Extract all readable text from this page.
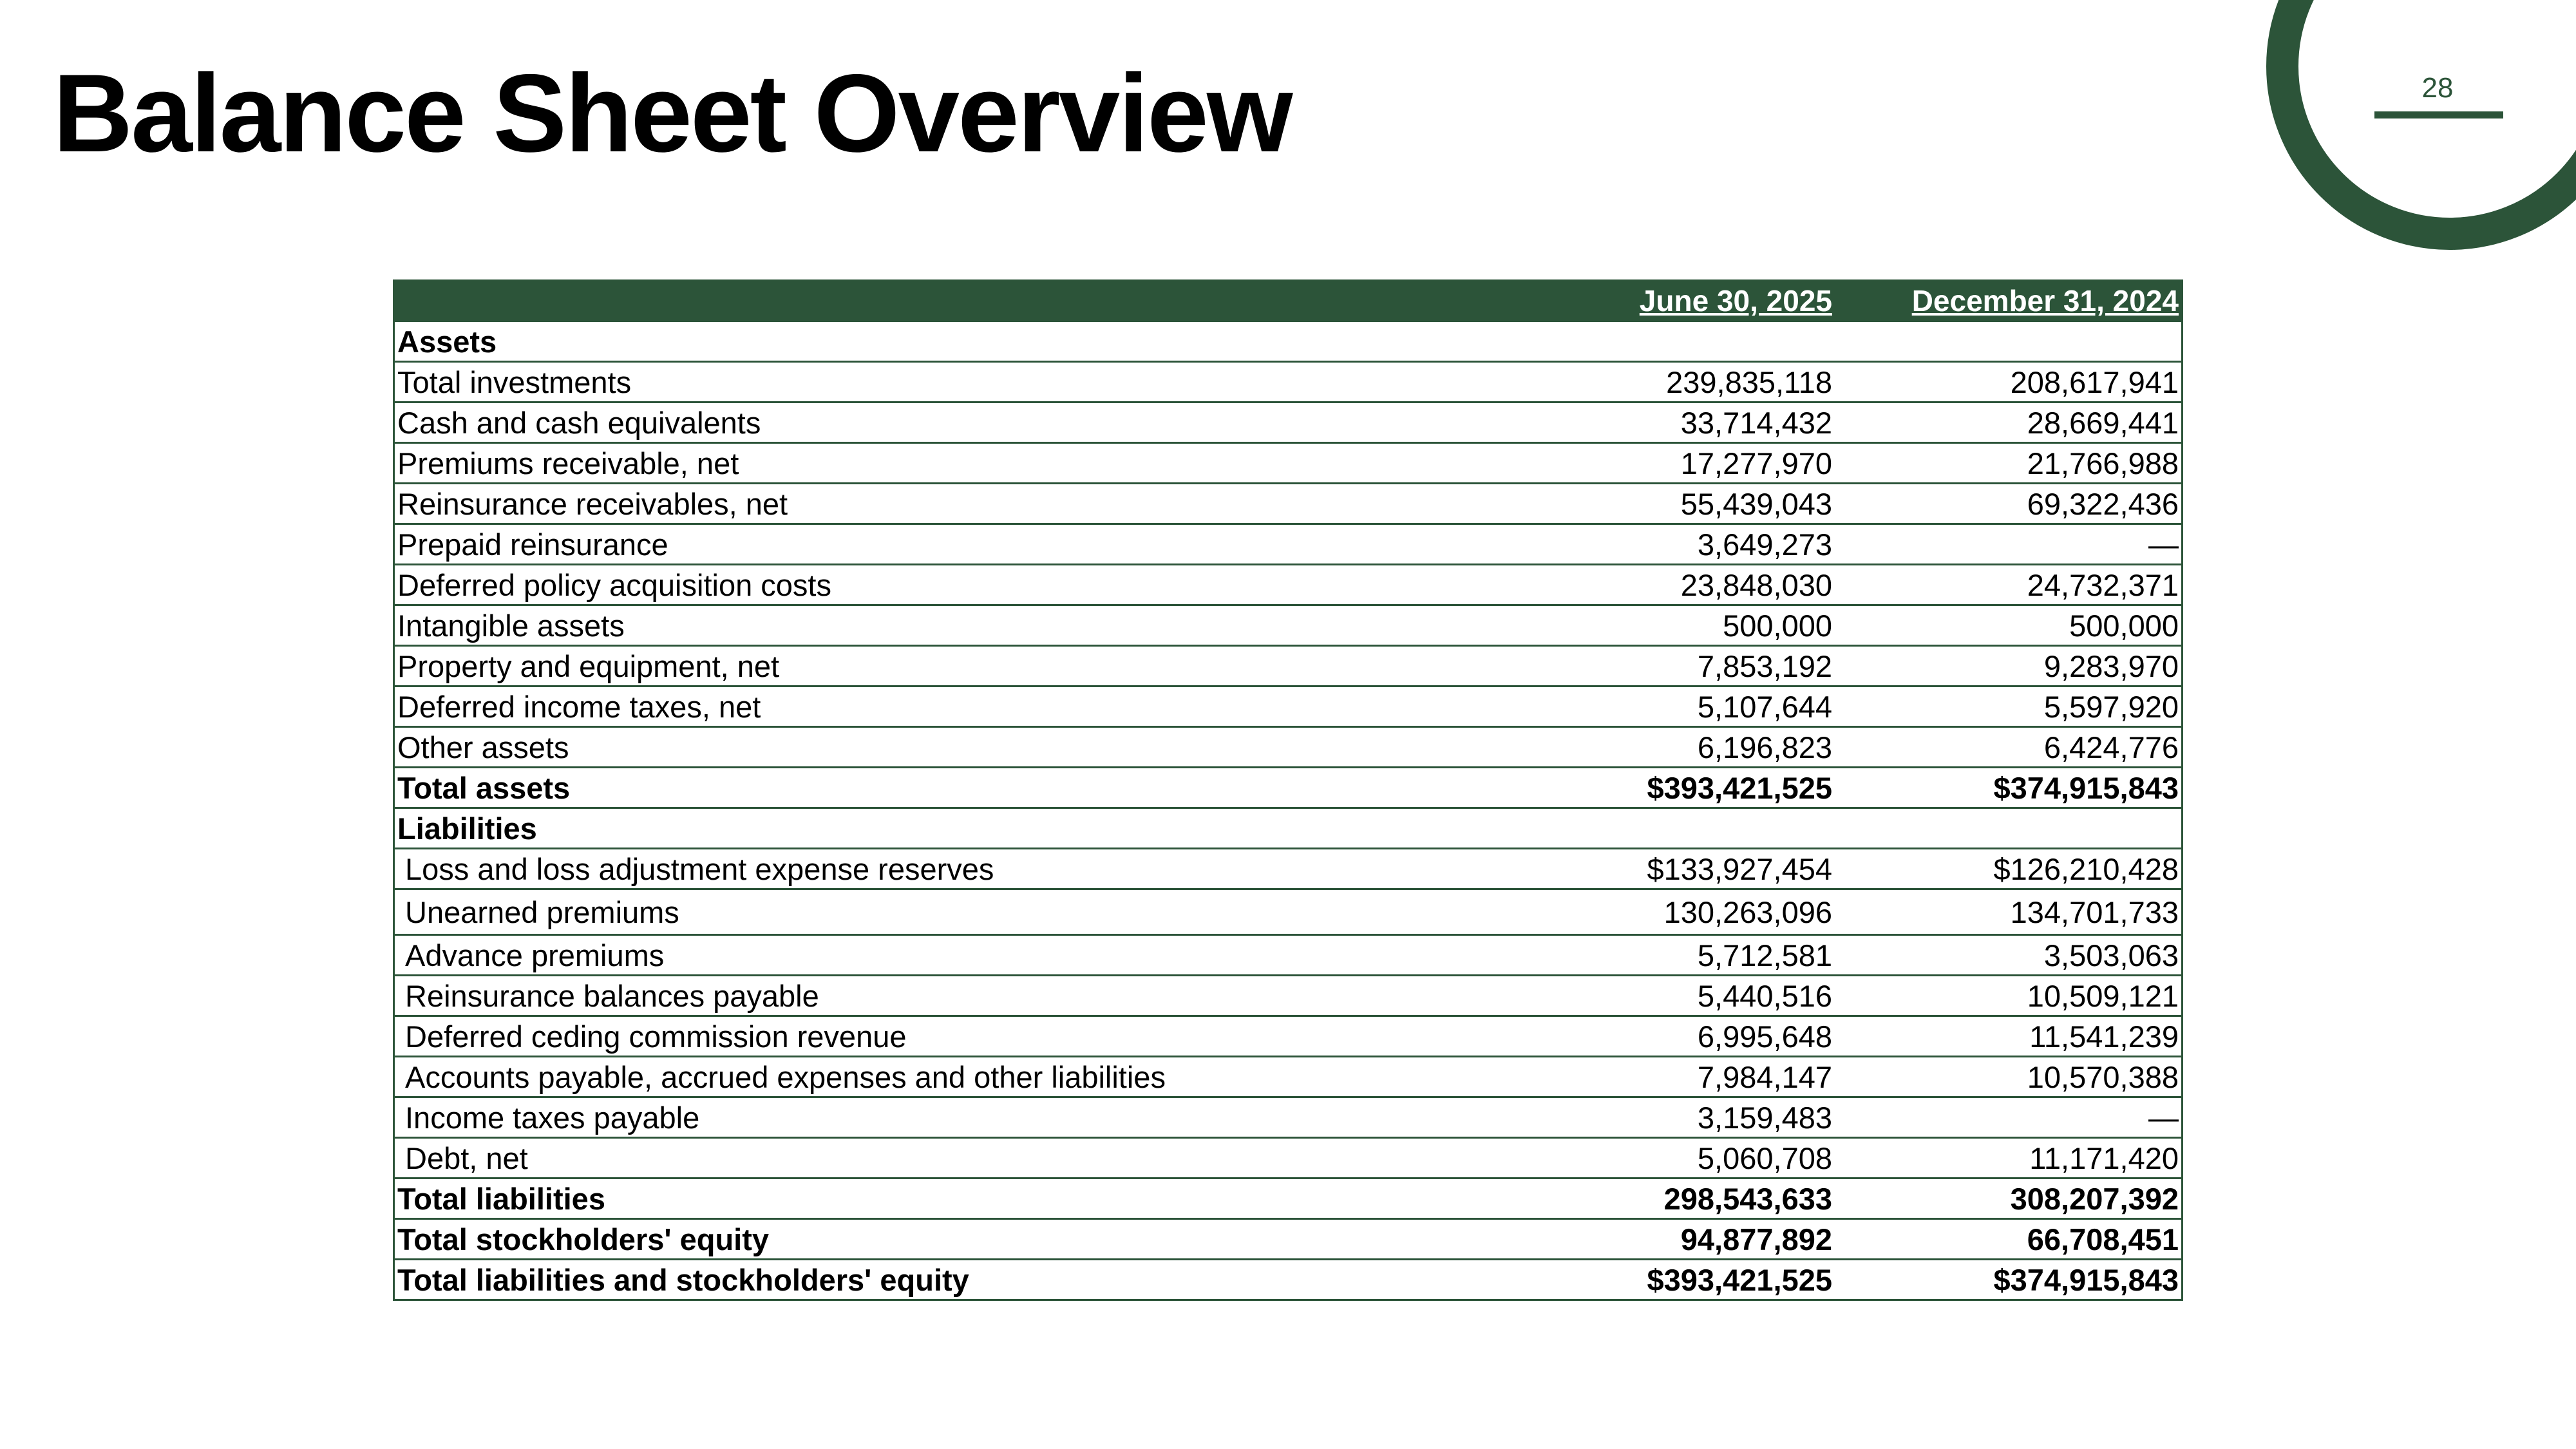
Balance Sheet Overview	28
	June 30, 2025	December 31, 2024
Assets		
Total investments	239,835,118	208,617,941
Cash and cash equivalents	33,714,432	28,669,441
Premiums receivable, net	17,277,970	21,766,988
Reinsurance receivables, net	55,439,043	69,322,436
Prepaid reinsurance	3,649,273	—
Deferred policy acquisition costs	23,848,030	24,732,371
Intangible assets	500,000	500,000
Property and equipment, net	7,853,192	9,283,970
Deferred income taxes, net	5,107,644	5,597,920
Other assets	6,196,823	6,424,776
Total assets	$393,421,525	$374,915,843
Liabilities		
Loss and loss adjustment expense reserves	$133,927,454	$126,210,428
Unearned premiums	130,263,096	134,701,733
Advance premiums	5,712,581	3,503,063
Reinsurance balances payable	5,440,516	10,509,121
Deferred ceding commission revenue	6,995,648	11,541,239
Accounts payable, accrued expenses and other liabilities	7,984,147	10,570,388
Income taxes payable	3,159,483	—
Debt, net	5,060,708	11,171,420
Total liabilities	298,543,633	308,207,392
Total stockholders' equity	94,877,892	66,708,451
Total liabilities and stockholders' equity	$393,421,525	$374,915,843
